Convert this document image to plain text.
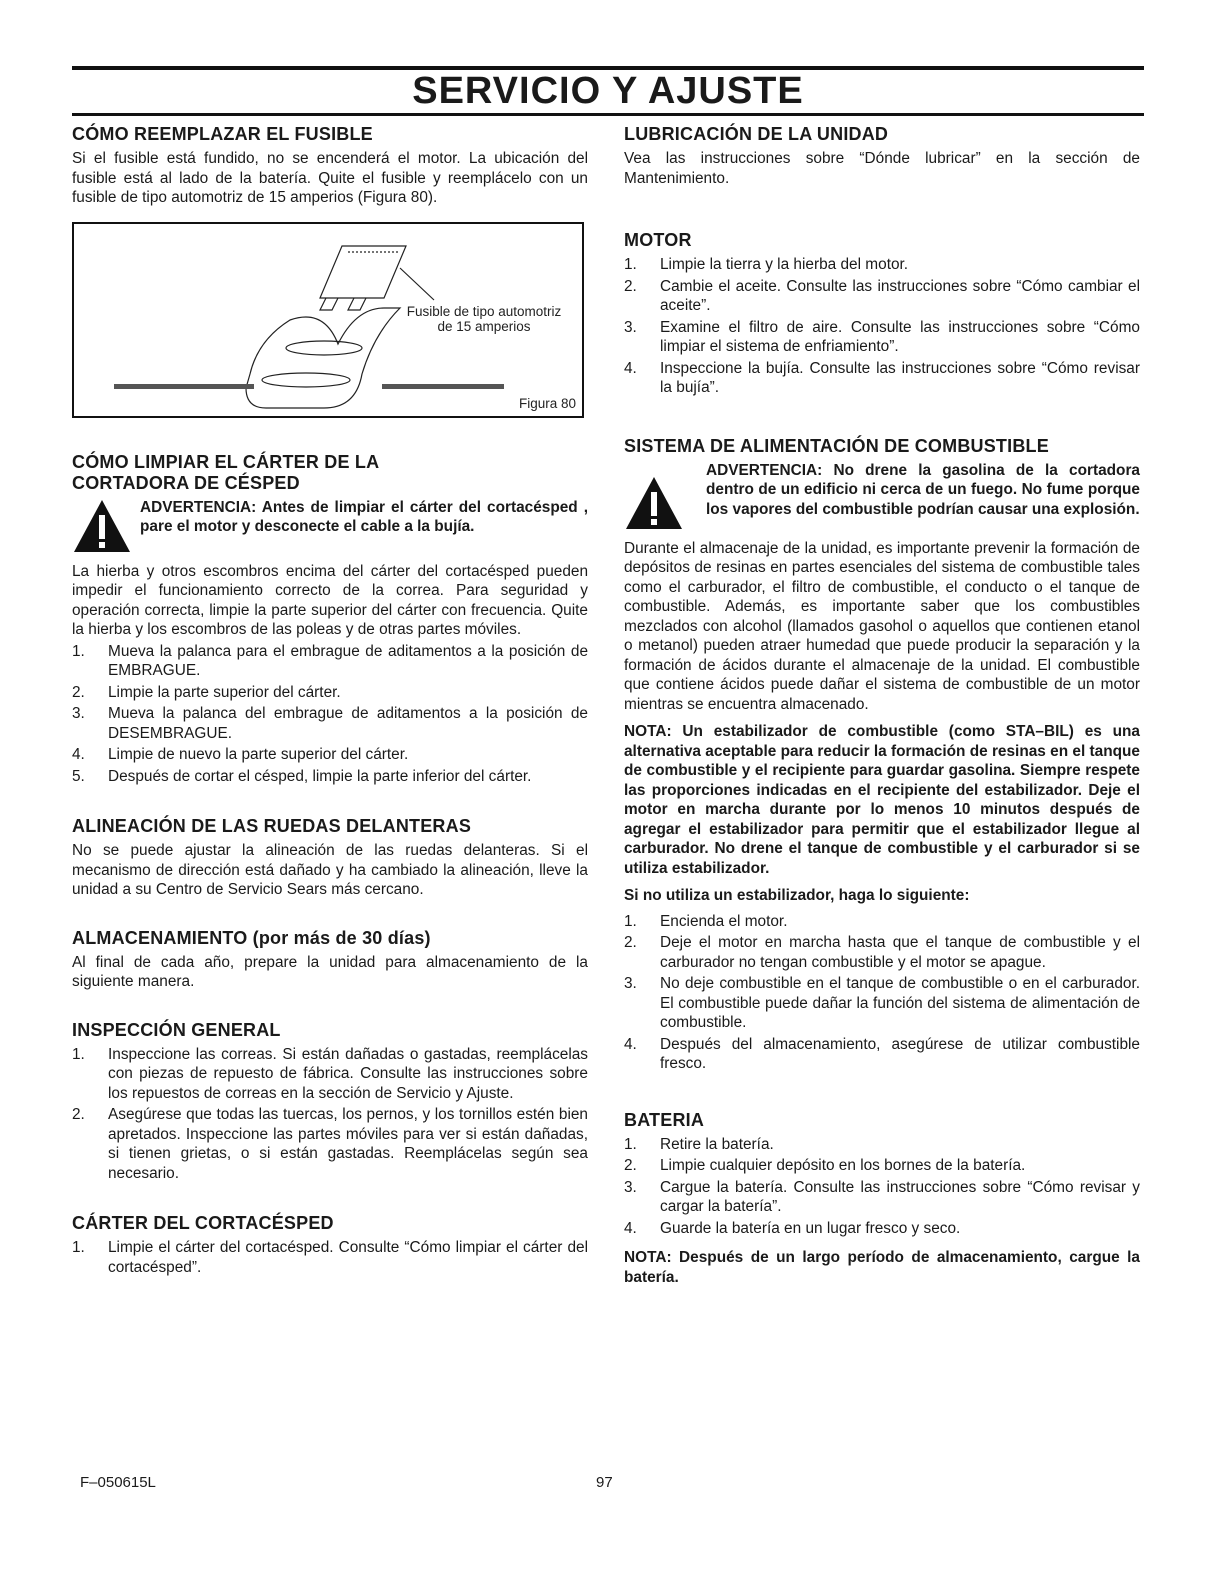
SERVICIO Y AJUSTE
CÓMO REEMPLAZAR EL FUSIBLE

Si el fusible está fundido, no se encenderá el motor. La ubicación del fusible está al lado de la batería. Quite el fusible y reemplácelo con un fusible de tipo automotriz de 15 amperios (Figura 80).

Fusible de tipo automotriz
de 15 amperios
Figura 80
CÓMO LIMPIAR EL CÁRTER DE LA
CORTADORA DE CÉSPED
ADVERTENCIA: Antes de limpiar el cárter del cortacésped , pare el motor y desconecte el cable a la bujía.

La hierba y otros escombros encima del cárter del cortacésped pueden impedir el funcionamiento correcto de la correa. Para seguridad y operación correcta, limpie la parte superior del cárter con frecuencia. Quite la hierba y los escombros de las poleas y de otras partes móviles.

1.	Mueva la palanca para el embrague de aditamentos a la posición de EMBRAGUE.
2.	Limpie la parte superior del cárter.
3.	Mueva la palanca del embrague de aditamentos a la posición de DESEMBRAGUE.
4.	Limpie de nuevo la parte superior del cárter.
5.	Después de cortar el césped, limpie la parte inferior del cárter.
ALINEACIÓN DE LAS RUEDAS DELANTERAS

No se puede ajustar la alineación de las ruedas delanteras. Si el mecanismo de dirección está dañado y ha cambiado la alineación, lleve la unidad a su Centro de Servicio Sears más cercano.

ALMACENAMIENTO (por más de 30 días)

Al final de cada año, prepare la unidad para almacenamiento de la siguiente manera.

INSPECCIÓN GENERAL
1.	Inspeccione las correas. Si están dañadas o gastadas, reemplácelas con piezas de repuesto de fábrica. Consulte las instrucciones sobre los repuestos de correas en la sección de Servicio y Ajuste.
2.	Asegúrese que todas las tuercas, los pernos, y los tornillos estén bien apretados. Inspeccione las partes móviles para ver si están dañadas, si tienen grietas, o si están gastadas. Reemplácelas según sea necesario.
CÁRTER DEL CORTACÉSPED
1.	Limpie el cárter del cortacésped. Consulte “Cómo limpiar el cárter del cortacésped”.
LUBRICACIÓN DE LA UNIDAD

Vea las instrucciones sobre “Dónde lubricar” en la sección de Mantenimiento.

MOTOR
1.	Limpie la tierra y la hierba del motor.
2.	Cambie el aceite. Consulte las instrucciones sobre “Cómo cambiar el aceite”.
3.	Examine el filtro de aire. Consulte las instrucciones sobre “Cómo limpiar el sistema de enfriamiento”.
4.	Inspeccione la bujía. Consulte las instrucciones sobre “Cómo revisar la bujía”.
SISTEMA DE ALIMENTACIÓN DE COMBUSTIBLE
ADVERTENCIA: No drene la gasolina de la cortadora dentro de un edificio ni cerca de un fuego. No fume porque los vapores del combustible podrían causar una explosión.

Durante el almacenaje de la unidad, es importante prevenir la formación de depósitos de resinas en partes esenciales del sistema de combustible tales como el carburador, el filtro de combustible, el conducto o el tanque de combustible. Además, es importante saber que los combustibles mezclados con alcohol (llamados gasohol o aquellos que contienen etanol o metanol) pueden atraer humedad que puede producir la separación y la formación de ácidos durante el almacenaje de la unidad. El combustible que contiene ácidos puede dañar el sistema de combustible de un motor mientras se encuentra almacenado.

NOTA: Un estabilizador de combustible (como STA–BIL) es una alternativa aceptable para reducir la formación de resinas en el tanque de combustible y el recipiente para guardar gasolina. Siempre respete las proporciones indicadas en el recipiente del estabilizador. Deje el motor en marcha durante por lo menos 10 minutos después de agregar el estabilizador para permitir que el estabilizador llegue al carburador. No drene el tanque de combustible y el carburador si se utiliza estabilizador.

Si no utiliza un estabilizador, haga lo siguiente:

1.	Encienda el motor.
2.	Deje el motor en marcha hasta que el tanque de combustible y el carburador no tengan combustible y el motor se apague.
3.	No deje combustible en el tanque de combustible o en el carburador. El combustible puede dañar la función del sistema de alimentación de combustible.
4.	Después del almacenamiento, asegúrese de utilizar combustible fresco.
BATERIA
1.	Retire la batería.
2.	Limpie cualquier depósito en los bornes de la batería.
3.	Cargue la batería. Consulte las instrucciones sobre “Cómo revisar y cargar la batería”.
4.	Guarde la batería en un lugar fresco y seco.

NOTA: Después de un largo período de almacenamiento, cargue la batería.

F–050615L	97
